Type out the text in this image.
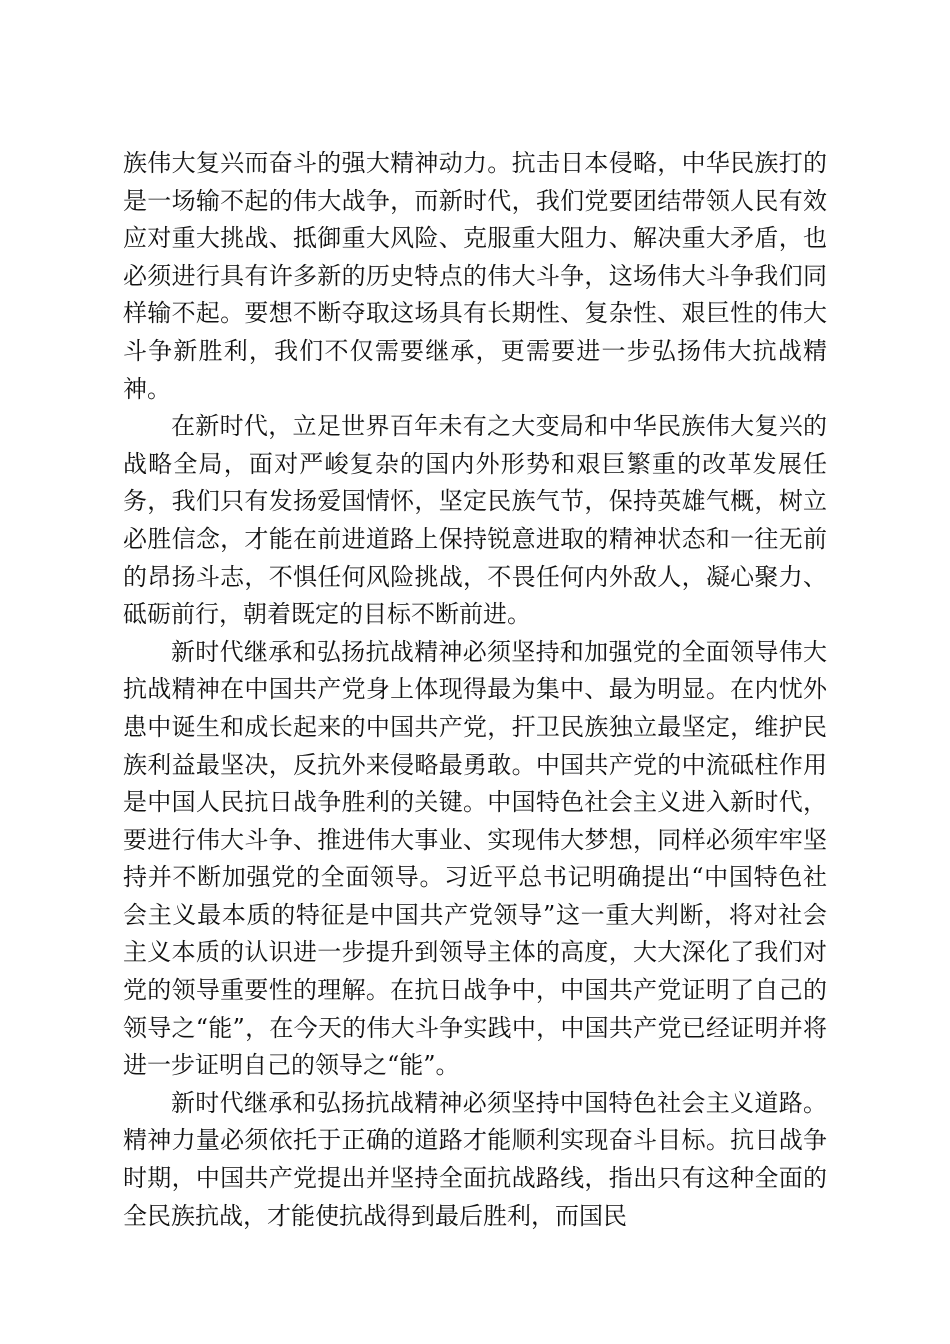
族伟大复兴而奋斗的强大精神动力。抗击日本侵略，中华民族打的是一场输不起的伟大战争，而新时代，我们党要团结带领人民有效应对重大挑战、抵御重大风险、克服重大阻力、解决重大矛盾，也必须进行具有许多新的历史特点的伟大斗争，这场伟大斗争我们同样输不起。要想不断夺取这场具有长期性、复杂性、艰巨性的伟大斗争新胜利，我们不仅需要继承，更需要进一步弘扬伟大抗战精神。

在新时代，立足世界百年未有之大变局和中华民族伟大复兴的战略全局，面对严峻复杂的国内外形势和艰巨繁重的改革发展任务，我们只有发扬爱国情怀，坚定民族气节，保持英雄气概，树立必胜信念，才能在前进道路上保持锐意进取的精神状态和一往无前的昂扬斗志，不惧任何风险挑战，不畏任何内外敌人，凝心聚力、砥砺前行，朝着既定的目标不断前进。

新时代继承和弘扬抗战精神必须坚持和加强党的全面领导伟大抗战精神在中国共产党身上体现得最为集中、最为明显。在内忧外患中诞生和成长起来的中国共产党，扞卫民族独立最坚定，维护民族利益最坚决，反抗外来侵略最勇敢。中国共产党的中流砥柱作用是中国人民抗日战争胜利的关键。中国特色社会主义进入新时代，要进行伟大斗争、推进伟大事业、实现伟大梦想，同样必须牢牢坚持并不断加强党的全面领导。习近平总书记明确提出“中国特色社会主义最本质的特征是中国共产党领导”这一重大判断，将对社会主义本质的认识进一步提升到领导主体的高度，大大深化了我们对党的领导重要性的理解。在抗日战争中，中国共产党证明了自己的领导之“能”，在今天的伟大斗争实践中，中国共产党已经证明并将进一步证明自己的领导之“能”。

新时代继承和弘扬抗战精神必须坚持中国特色社会主义道路。精神力量必须依托于正确的道路才能顺利实现奋斗目标。抗日战争时期，中国共产党提出并坚持全面抗战路线，指出只有这种全面的全民族抗战，才能使抗战得到最后胜利，而国民
